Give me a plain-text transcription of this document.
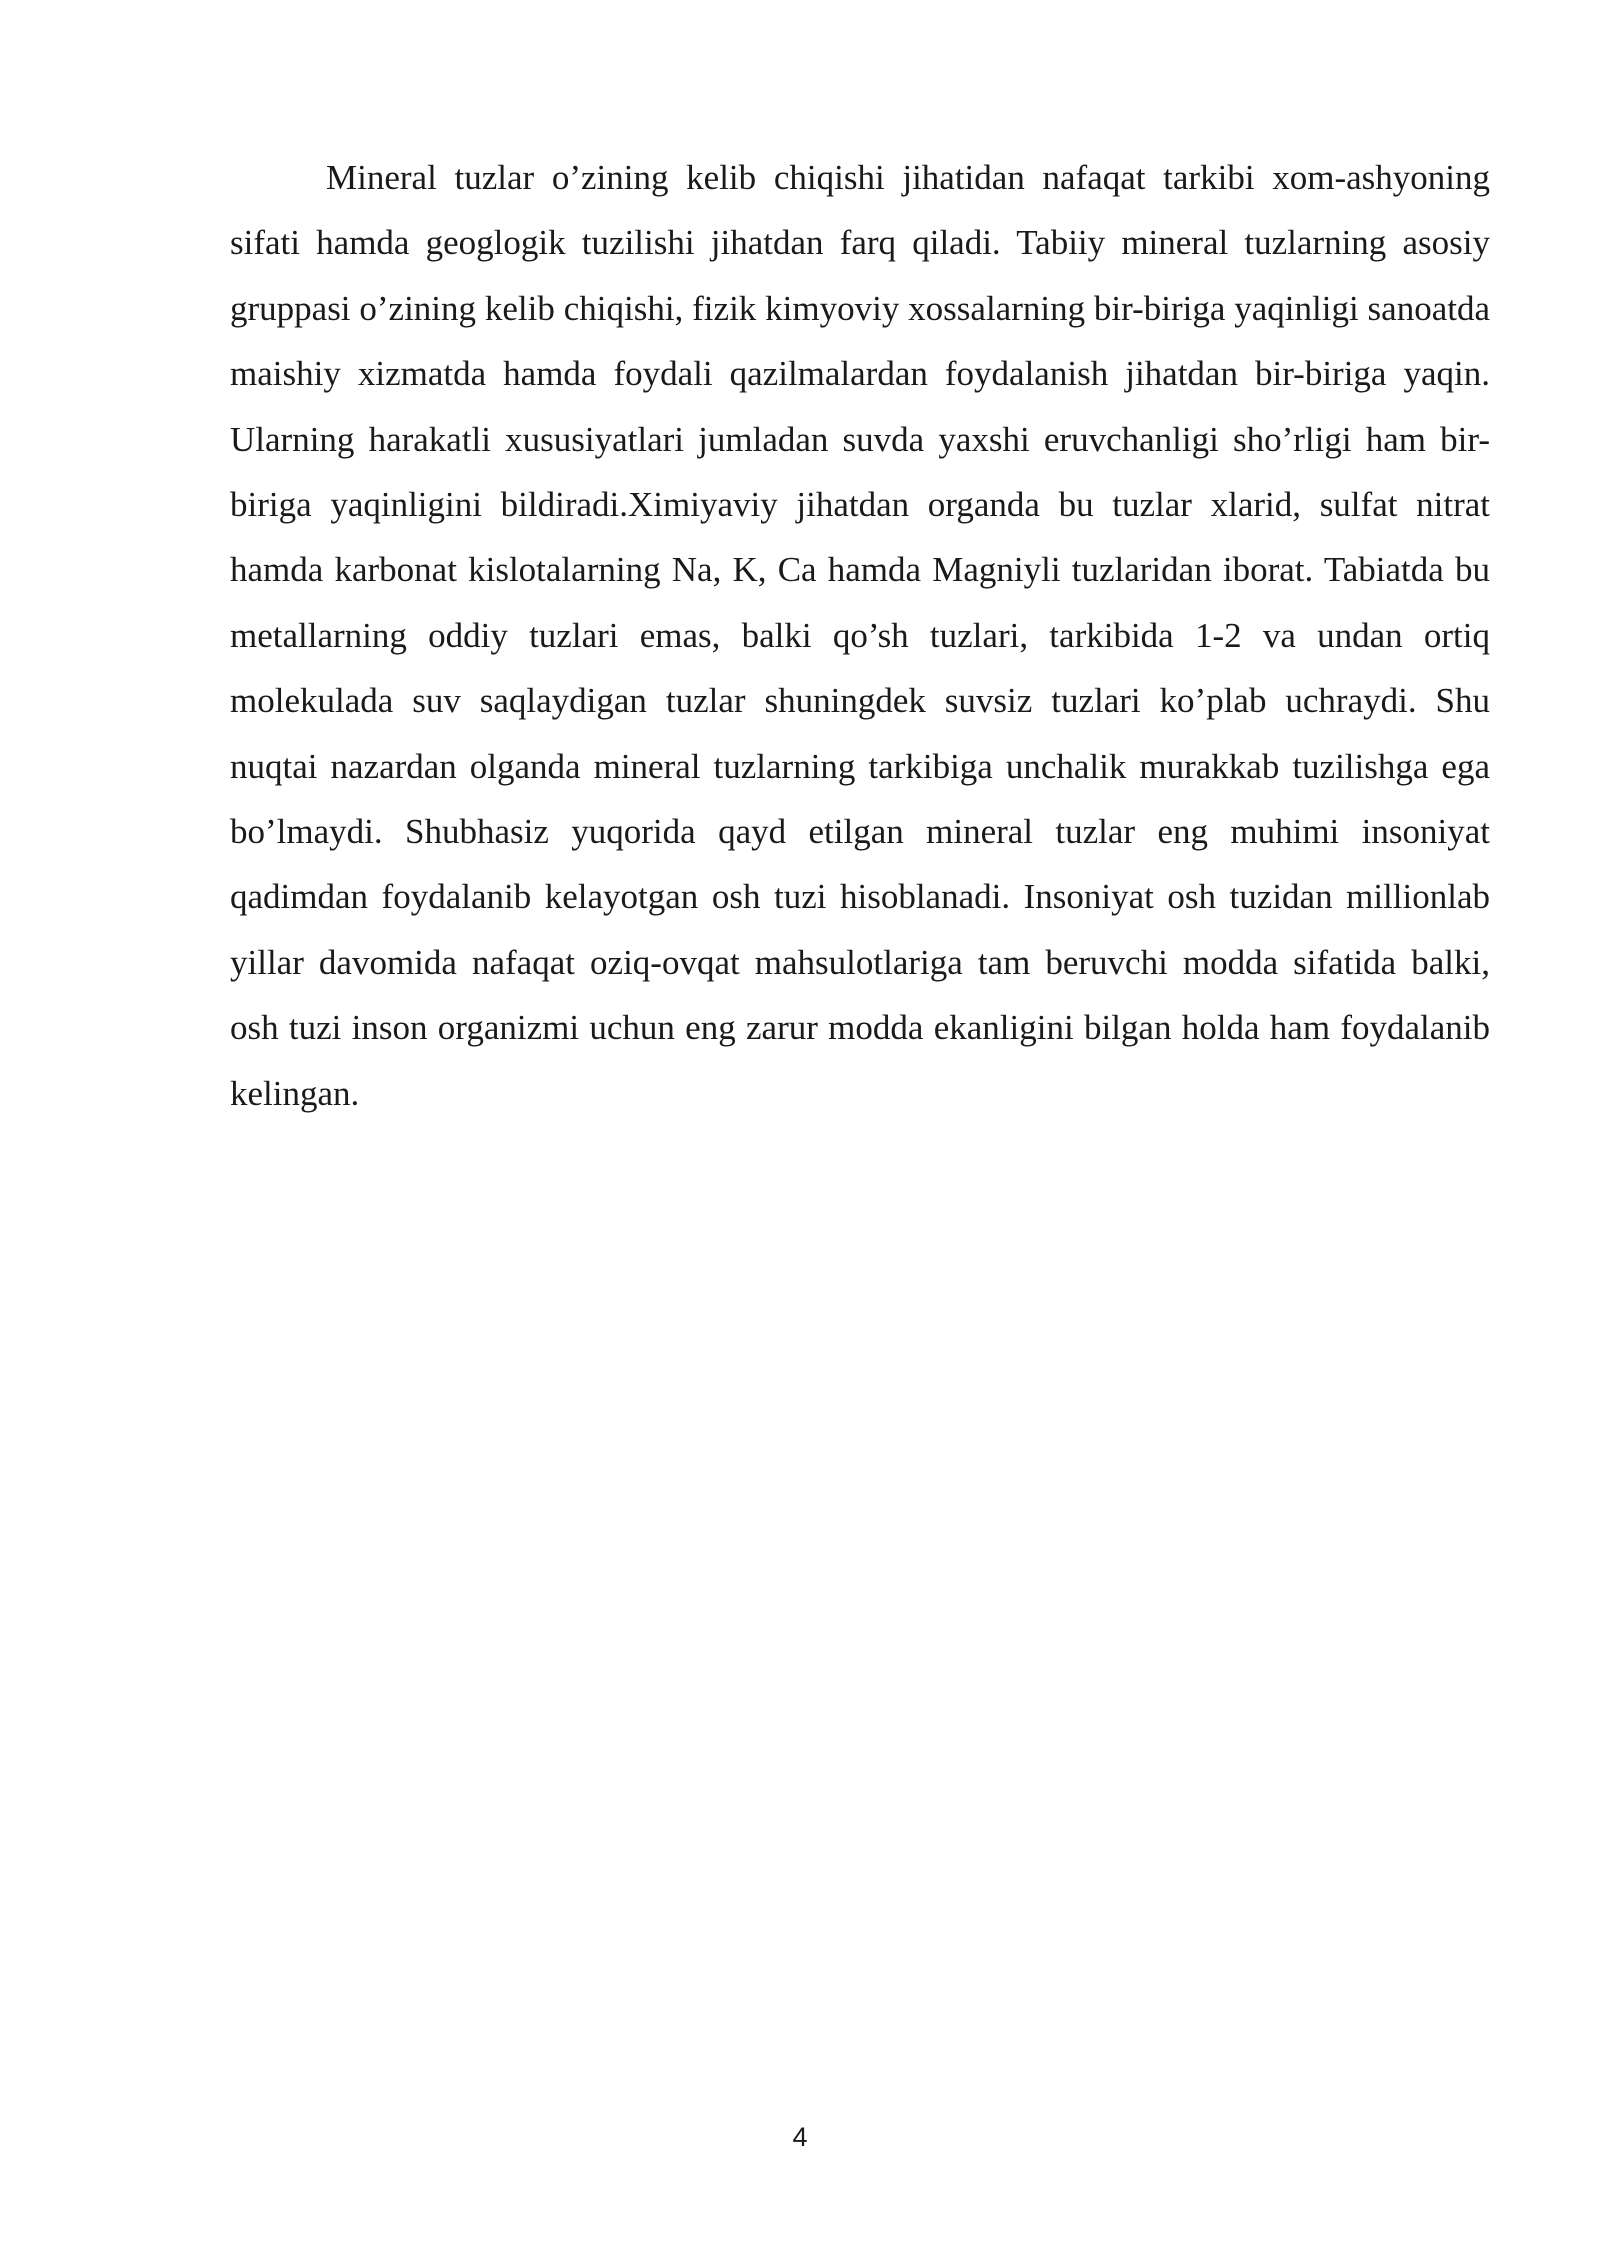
Mineral tuzlar o’zining kelib chiqishi jihatidan nafaqat tarkibi xom-ashyoning sifati hamda geoglogik tuzilishi jihatdan farq qiladi. Tabiiy mineral tuzlarning asosiy gruppasi o’zining kelib chiqishi, fizik kimyoviy xossalarning bir-biriga yaqinligi sanoatda maishiy xizmatda hamda foydali qazilmalardan foydalanish jihatdan bir-biriga yaqin. Ularning harakatli xususiyatlari jumladan suvda yaxshi eruvchanligi sho’rligi ham bir-biriga yaqinligini bildiradi.Ximiyaviy jihatdan organda bu tuzlar xlarid, sulfat nitrat hamda karbonat kislotalarning Na, K, Ca hamda Magniyli tuzlaridan iborat. Tabiatda bu metallarning oddiy tuzlari emas, balki qo’sh tuzlari, tarkibida 1-2 va undan ortiq molekulada suv saqlaydigan tuzlar shuningdek suvsiz tuzlari ko’plab uchraydi. Shu nuqtai nazardan olganda mineral tuzlarning tarkibiga unchalik murakkab tuzilishga ega bo’lmaydi. Shubhasiz yuqorida qayd etilgan mineral tuzlar eng muhimi insoniyat qadimdan foydalanib kelayotgan osh tuzi hisoblanadi. Insoniyat osh tuzidan millionlab yillar davomida nafaqat oziq-ovqat mahsulotlariga tam beruvchi modda sifatida balki, osh tuzi inson organizmi uchun eng zarur modda ekanligini bilgan holda ham foydalanib kelingan.

4
